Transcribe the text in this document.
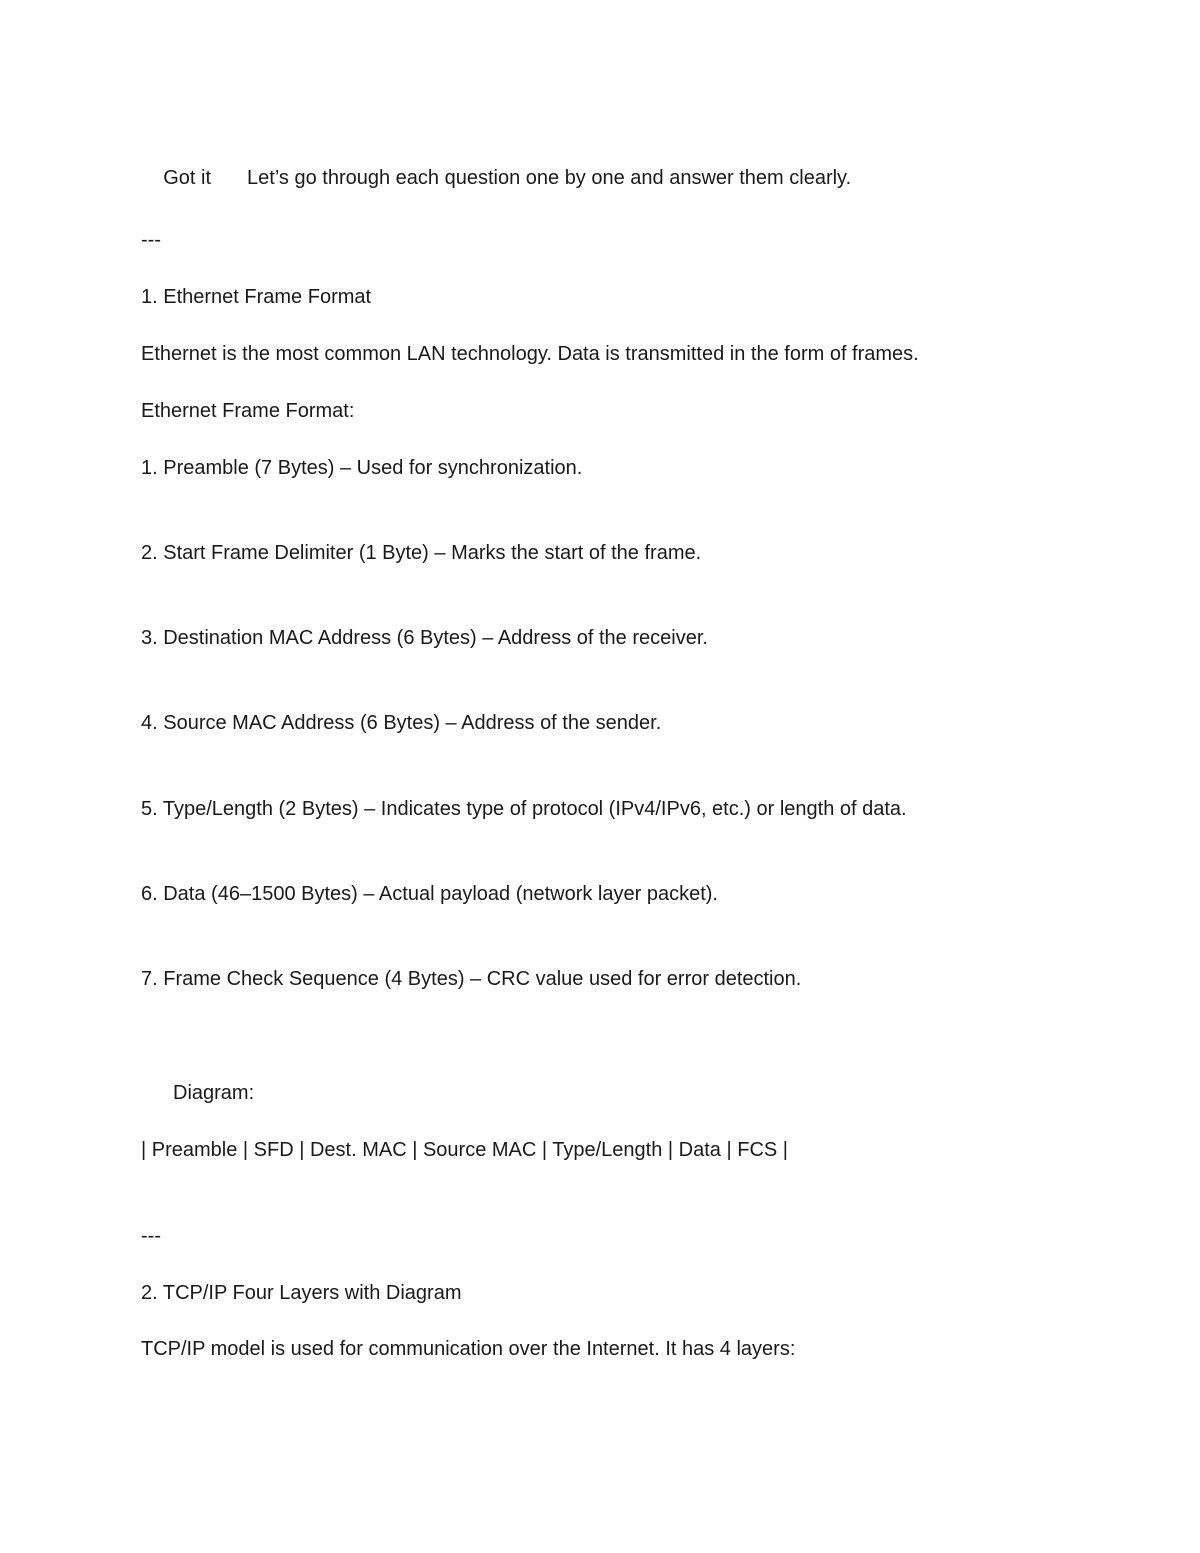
Got it Let’s go through each question one by one and answer them clearly.

---
1. Ethernet Frame Format
Ethernet is the most common LAN technology. Data is transmitted in the form of frames.
Ethernet Frame Format:
1. Preamble (7 Bytes) – Used for synchronization.
2. Start Frame Delimiter (1 Byte) – Marks the start of the frame.
3. Destination MAC Address (6 Bytes) – Address of the receiver.
4. Source MAC Address (6 Bytes) – Address of the sender.
5. Type/Length (2 Bytes) – Indicates type of protocol (IPv4/IPv6, etc.) or length of data.
6. Data (46–1500 Bytes) – Actual payload (network layer packet).
7. Frame Check Sequence (4 Bytes) – CRC value used for error detection.
Diagram:
| Preamble | SFD | Dest. MAC | Source MAC | Type/Length | Data | FCS |
---
2. TCP/IP Four Layers with Diagram
TCP/IP model is used for communication over the Internet. It has 4 layers:
